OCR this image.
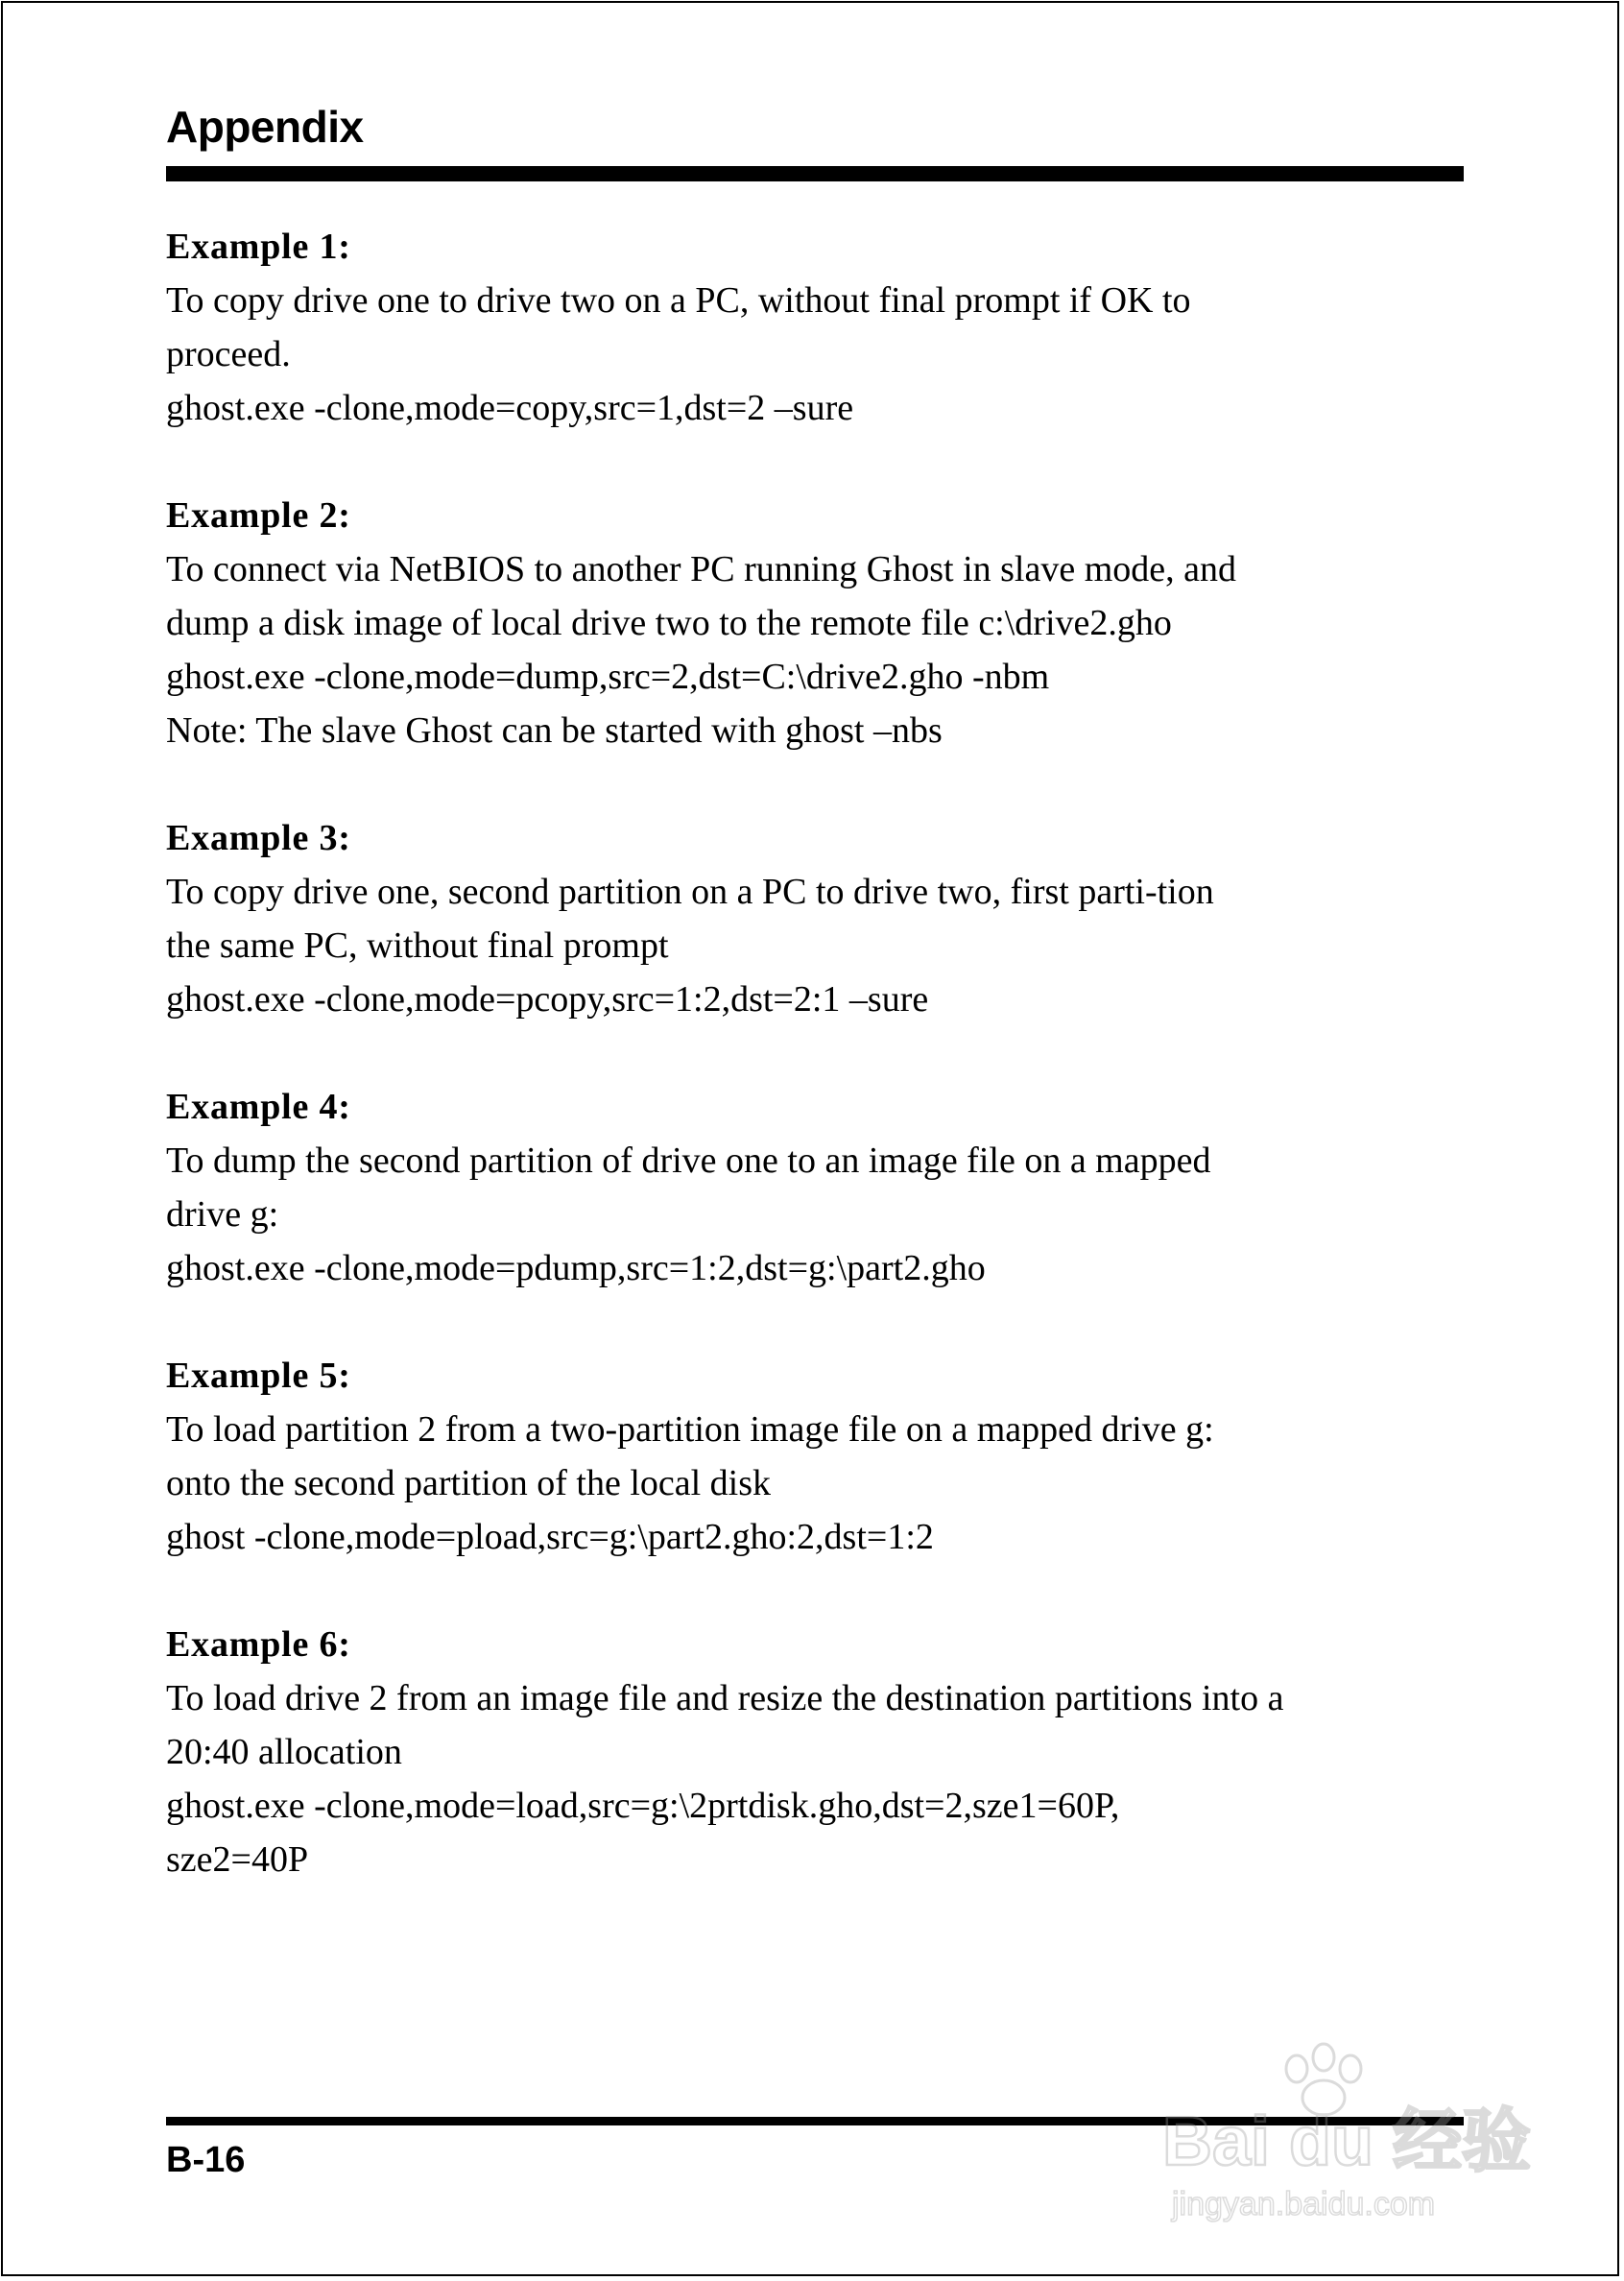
Appendix
Example 1:
To copy drive one to drive two on a PC, without final prompt if OK to
proceed.
ghost.exe -clone,mode=copy,src=1,dst=2 –sure
Example 2:
To connect via NetBIOS to another PC running Ghost in slave mode, and
dump a disk image of local drive two to the remote file c:\drive2.gho
ghost.exe -clone,mode=dump,src=2,dst=C:\drive2.gho -nbm
Note: The slave Ghost can be started with ghost –nbs
Example 3:
To copy drive one, second partition on a PC to drive two, first parti-tion
the same PC, without final prompt
ghost.exe -clone,mode=pcopy,src=1:2,dst=2:1 –sure
Example 4:
To dump the second partition of drive one to an image file on a mapped
drive g:
ghost.exe -clone,mode=pdump,src=1:2,dst=g:\part2.gho
Example 5:
To load partition 2 from a two-partition image file on a mapped drive g:
onto the second partition of the local disk
ghost -clone,mode=pload,src=g:\part2.gho:2,dst=1:2
Example 6:
To load drive 2 from an image file and resize the destination partitions into a
20:40 allocation
ghost.exe -clone,mode=load,src=g:\2prtdisk.gho,dst=2,sze1=60P,
sze2=40P
B-16	Bai du 经验
jingyan.baidu.com
